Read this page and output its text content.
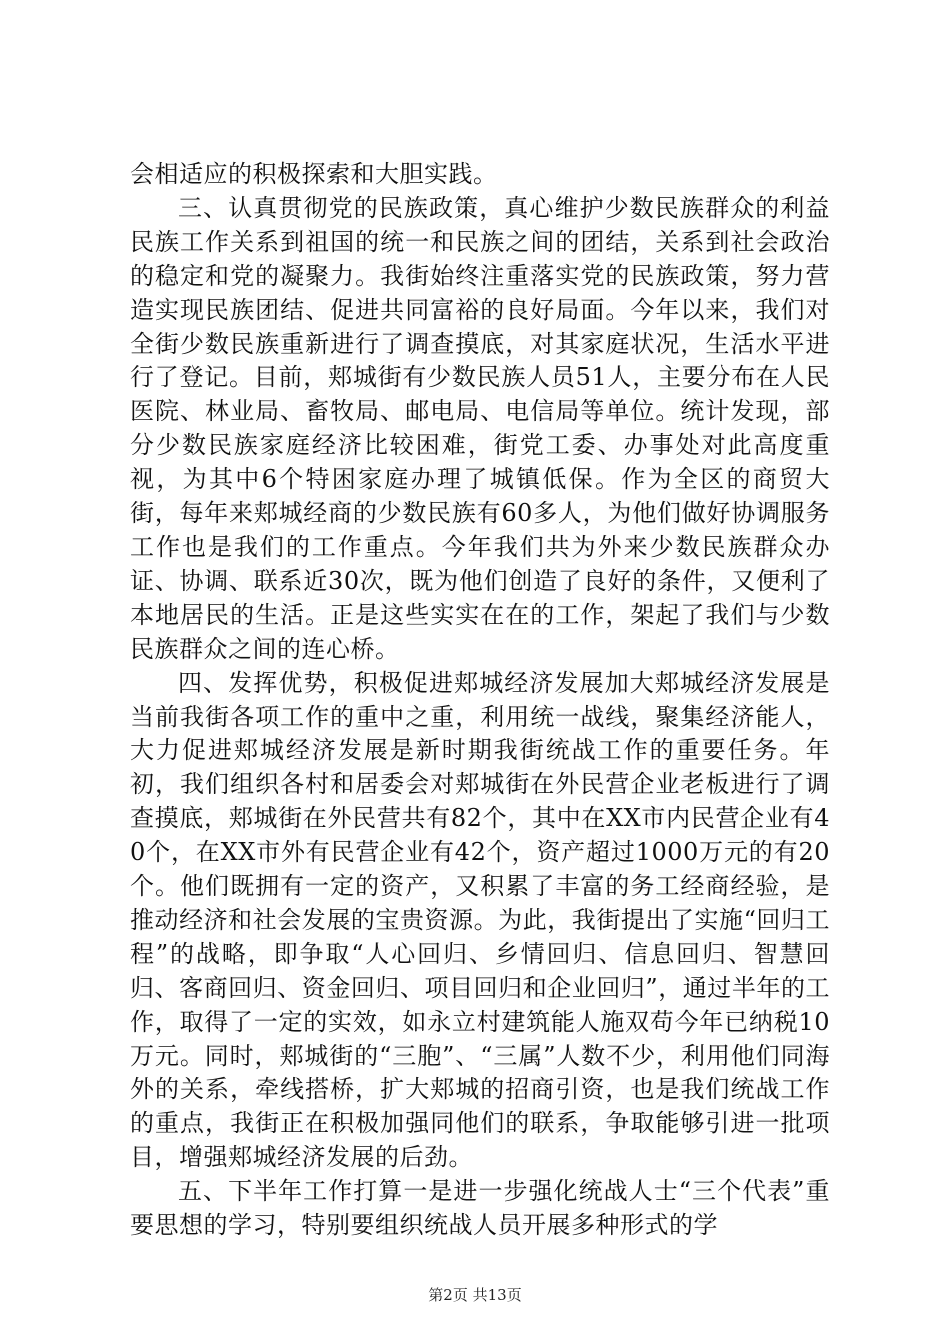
会相适应的积极探索和大胆实践。

三、认真贯彻党的民族政策，真心维护少数民族群众的利益民族工作关系到祖国的统一和民族之间的团结，关系到社会政治的稳定和党的凝聚力。我街始终注重落实党的民族政策，努力营造实现民族团结、促进共同富裕的良好局面。今年以来，我们对全街少数民族重新进行了调查摸底，对其家庭状况，生活水平进行了登记。目前，郏城街有少数民族人员51人，主要分布在人民医院、林业局、畜牧局、邮电局、电信局等单位。统计发现，部分少数民族家庭经济比较困难，街党工委、办事处对此高度重视，为其中6个特困家庭办理了城镇低保。作为全区的商贸大街，每年来郏城经商的少数民族有60多人，为他们做好协调服务工作也是我们的工作重点。今年我们共为外来少数民族群众办证、协调、联系近30次，既为他们创造了良好的条件，又便利了本地居民的生活。正是这些实实在在的工作，架起了我们与少数民族群众之间的连心桥。

四、发挥优势，积极促进郏城经济发展加大郏城经济发展是当前我街各项工作的重中之重，利用统一战线，聚集经济能人，大力促进郏城经济发展是新时期我街统战工作的重要任务。年初，我们组织各村和居委会对郏城街在外民营企业老板进行了调查摸底，郏城街在外民营共有82个，其中在XX市内民营企业有40个，在XX市外有民营企业有42个，资产超过1000万元的有20个。他们既拥有一定的资产，又积累了丰富的务工经商经验，是推动经济和社会发展的宝贵资源。为此，我街提出了实施“回归工程”的战略，即争取“人心回归、乡情回归、信息回归、智慧回归、客商回归、资金回归、项目回归和企业回归”，通过半年的工作，取得了一定的实效，如永立村建筑能人施双苟今年已纳税10万元。同时，郏城街的“三胞”、“三属”人数不少，利用他们同海外的关系，牵线搭桥，扩大郏城的招商引资，也是我们统战工作的重点，我街正在积极加强同他们的联系，争取能够引进一批项目，增强郏城经济发展的后劲。

五、下半年工作打算一是进一步强化统战人士“三个代表”重要思想的学习，特别要组织统战人员开展多种形式的学

第2页 共13页
